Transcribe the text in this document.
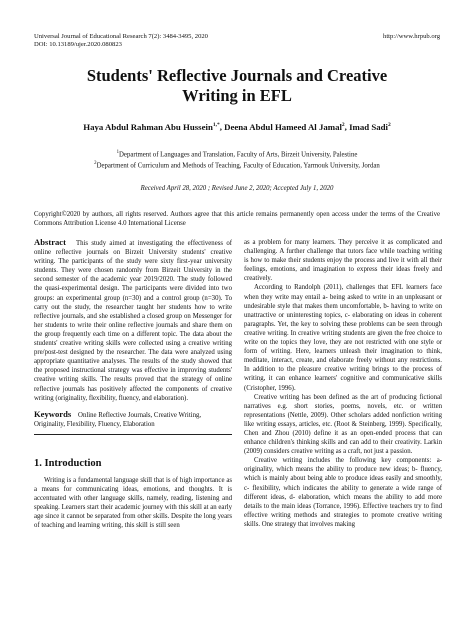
Universal Journal of Educational Research 7(2): 3484-3495, 2020
DOI: 10.13189/ujer.2020.080823
http://www.hrpub.org
Students' Reflective Journals and Creative
Writing in EFL
Haya Abdul Rahman Abu Hussein$^{1,*}$, Deena Abdul Hameed Al Jamal$^2$, Imad Sadi$^2$
$^1$Department of Languages and Translation, Faculty of Arts, Birzeit University, Palestine
$^2$Department of Curriculum and Methods of Teaching, Faculty of Education, Yarmouk University, Jordan
Received April 28, 2020 ; Revised June 2, 2020; Accepted July 1, 2020
Copyright©2020 by authors, all rights reserved. Authors agree that this article remains permanently open access under the terms of the Creative Commons Attribution License 4.0 International License

Abstract This study aimed at investigating the effectiveness of online reflective journals on Birzeit University students' creative writing. The participants of the study were sixty first-year university students. They were chosen randomly from Birzeit University in the second semester of the academic year 2019/2020. The study followed the quasi-experimental design. The participants were divided into two groups: an experimental group (n=30) and a control group (n=30). To carry out the study, the researcher taught her students how to write reflective journals, and she established a closed group on Messenger for her students to write their online reflective journals and share them on the group frequently each time on a different topic. The data about the students' creative writing skills were collected using a creative writing pre/post-test designed by the researcher. The data were analyzed using appropriate quantitative analyses. The results of the study showed that the proposed instructional strategy was effective in improving students' creative writing skills. The results proved that the strategy of online reflective journals has positively affected the components of creative writing (originality, flexibility, fluency, and elaboration).

Keywords Online Reflective Journals, Creative Writing, Originality, Flexibility, Fluency, Elaboration
1. Introduction

Writing is a fundamental language skill that is of high importance as a means for communicating ideas, emotions, and thoughts. It is accentuated with other language skills, namely, reading, listening and speaking. Learners start their academic journey with this skill at an early age since it cannot be separated from other skills. Despite the long years of teaching and learning writing, this skill is still seen

as a problem for many learners. They perceive it as complicated and challenging. A further challenge that tutors face while teaching writing is how to make their students enjoy the process and live it with all their feelings, emotions, and imagination to express their ideas freely and creatively.

According to Randolph (2011), challenges that EFL learners face when they write may entail a- being asked to write in an unpleasant or undesirable style that makes them uncomfortable, b- having to write on unattractive or uninteresting topics, c- elaborating on ideas in coherent paragraphs. Yet, the key to solving these problems can be seen through creative writing. In creative writing students are given the free choice to write on the topics they love, they are not restricted with one style or form of writing. Here, learners unleash their imagination to think, meditate, interact, create, and elaborate freely without any restrictions. In addition to the pleasure creative writing brings to the process of writing, it can enhance learners' cognitive and communicative skills (Cristopher, 1996).

Creative writing has been defined as the art of producing fictional narratives e.g. short stories, poems, novels, etc. or written representations (Nettle, 2009). Other scholars added nonfiction writing like writing essays, articles, etc. (Root & Steinberg, 1999). Specifically, Chen and Zhou (2010) define it as an open-ended process that can enhance children's thinking skills and can add to their creativity. Larkin (2009) considers creative writing as a craft, not just a passion.

Creative writing includes the following key components: a- originality, which means the ability to produce new ideas; b- fluency, which is mainly about being able to produce ideas easily and smoothly, c- flexibility, which indicates the ability to generate a wide range of different ideas, d- elaboration, which means the ability to add more details to the main ideas (Torrance, 1996). Effective teachers try to find effective writing methods and strategies to promote creative writing skills. One strategy that involves making
